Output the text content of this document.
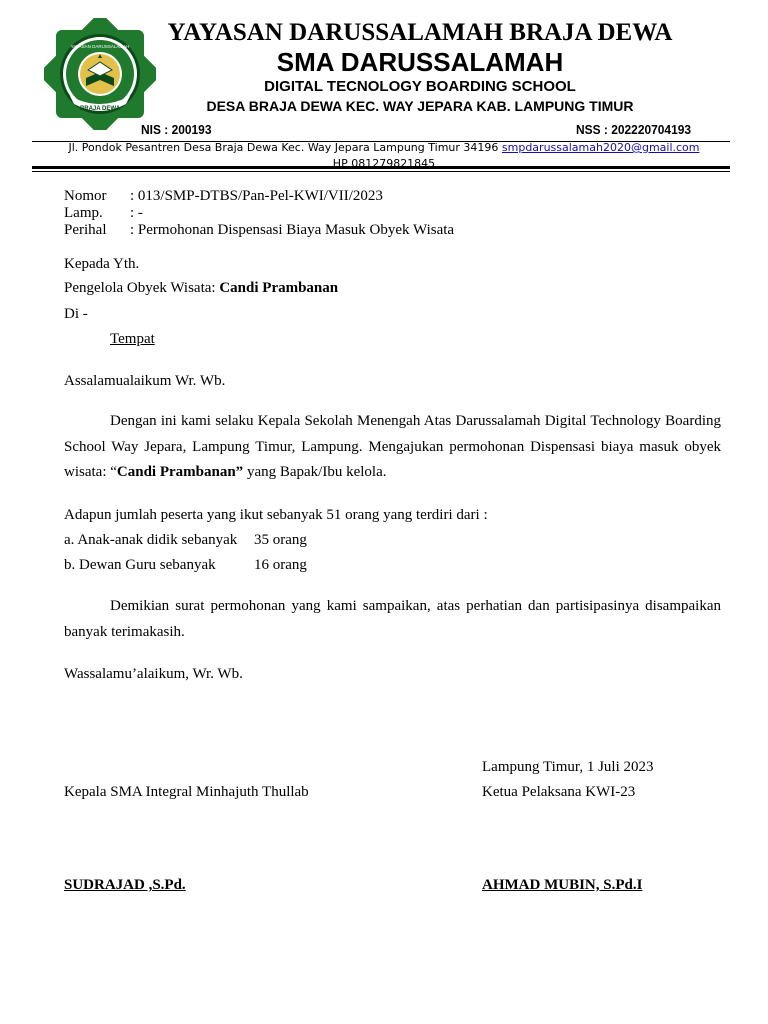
BRAJA DEWA
YAYASAN DARUSSALAMAH
YAYASAN DARUSSALAMAH BRAJA DEWA
SMA DARUSSALAMAH
DIGITAL TECNOLOGY BOARDING SCHOOL
DESA BRAJA DEWA KEC. WAY JEPARA KAB. LAMPUNG TIMUR
NIS : 200193	NSS : 202220704193
Jl. Pondok Pesantren Desa Braja Dewa Kec. Way Jepara Lampung Timur 34196 smpdarussalamah2020@gmail.com
HP 081279821845
Nomor : 013/SMP-DTBS/Pan-Pel-KWI/VII/2023
Lamp. : -
Perihal : Permohonan Dispensasi Biaya Masuk Obyek Wisata
Kepada Yth.
Pengelola Obyek Wisata: Candi Prambanan
Di -
Tempat
Assalamualaikum Wr. Wb.
Dengan ini kami selaku Kepala Sekolah Menengah Atas Darussalamah Digital Technology Boarding School Way Jepara, Lampung Timur, Lampung. Mengajukan permohonan Dispensasi biaya masuk obyek wisata: “Candi Prambanan” yang Bapak/Ibu kelola.
Adapun jumlah peserta yang ikut sebanyak 51 orang yang terdiri dari :
a. Anak-anak didik sebanyak 35 orang
b. Dewan Guru sebanyak	16 orang
Demikian surat permohonan yang kami sampaikan, atas perhatian dan partisipasinya disampaikan banyak terimakasih.
Wassalamu’alaikum, Wr. Wb.
Lampung Timur, 1 Juli 2023
Kepala SMA Integral Minhajuth Thullab	Ketua Pelaksana KWI-23
SUDRAJAD ,S.Pd.	AHMAD MUBIN, S.Pd.I
